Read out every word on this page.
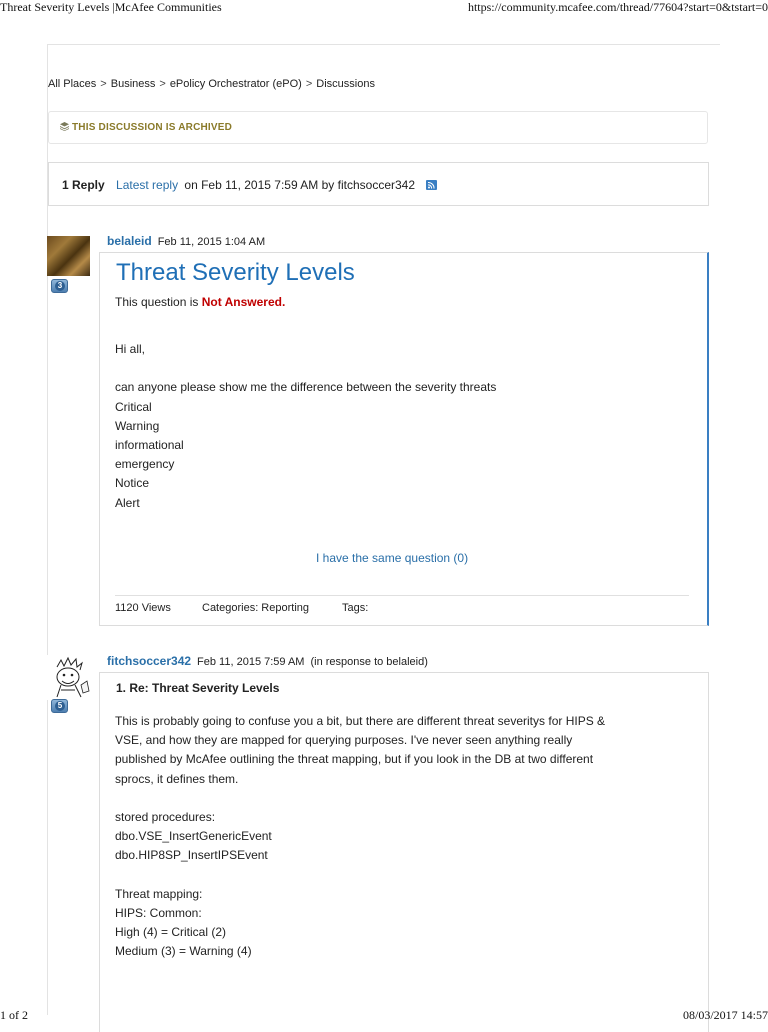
Threat Severity Levels |McAfee Communities	https://community.mcafee.com/thread/77604?start=0&tstart=0
All Places > Business > ePolicy Orchestrator (ePO) > Discussions
THIS DISCUSSION IS ARCHIVED
1 Reply Latest reply on Feb 11, 2015 7:59 AM by fitchsoccer342
3
belaleid Feb 11, 2015 1:04 AM
Threat Severity Levels
This question is Not Answered.
Hi all,
can anyone please show me the difference between the severity threats
Critical
Warning
informational
emergency
Notice
Alert
I have the same question (0)
1120 Views	Categories: Reporting	Tags:
5
fitchsoccer342 Feb 11, 2015 7:59 AM (in response to belaleid)
1. Re: Threat Severity Levels
This is probably going to confuse you a bit, but there are different threat severitys for HIPS &
VSE, and how they are mapped for querying purposes. I've never seen anything really
published by McAfee outlining the threat mapping, but if you look in the DB at two different
sprocs, it defines them.
stored procedures:
dbo.VSE_InsertGenericEvent
dbo.HIP8SP_InsertIPSEvent
Threat mapping:
HIPS: Common:
High (4) = Critical (2)
Medium (3) = Warning (4)
1 of 2	08/03/2017 14:57
